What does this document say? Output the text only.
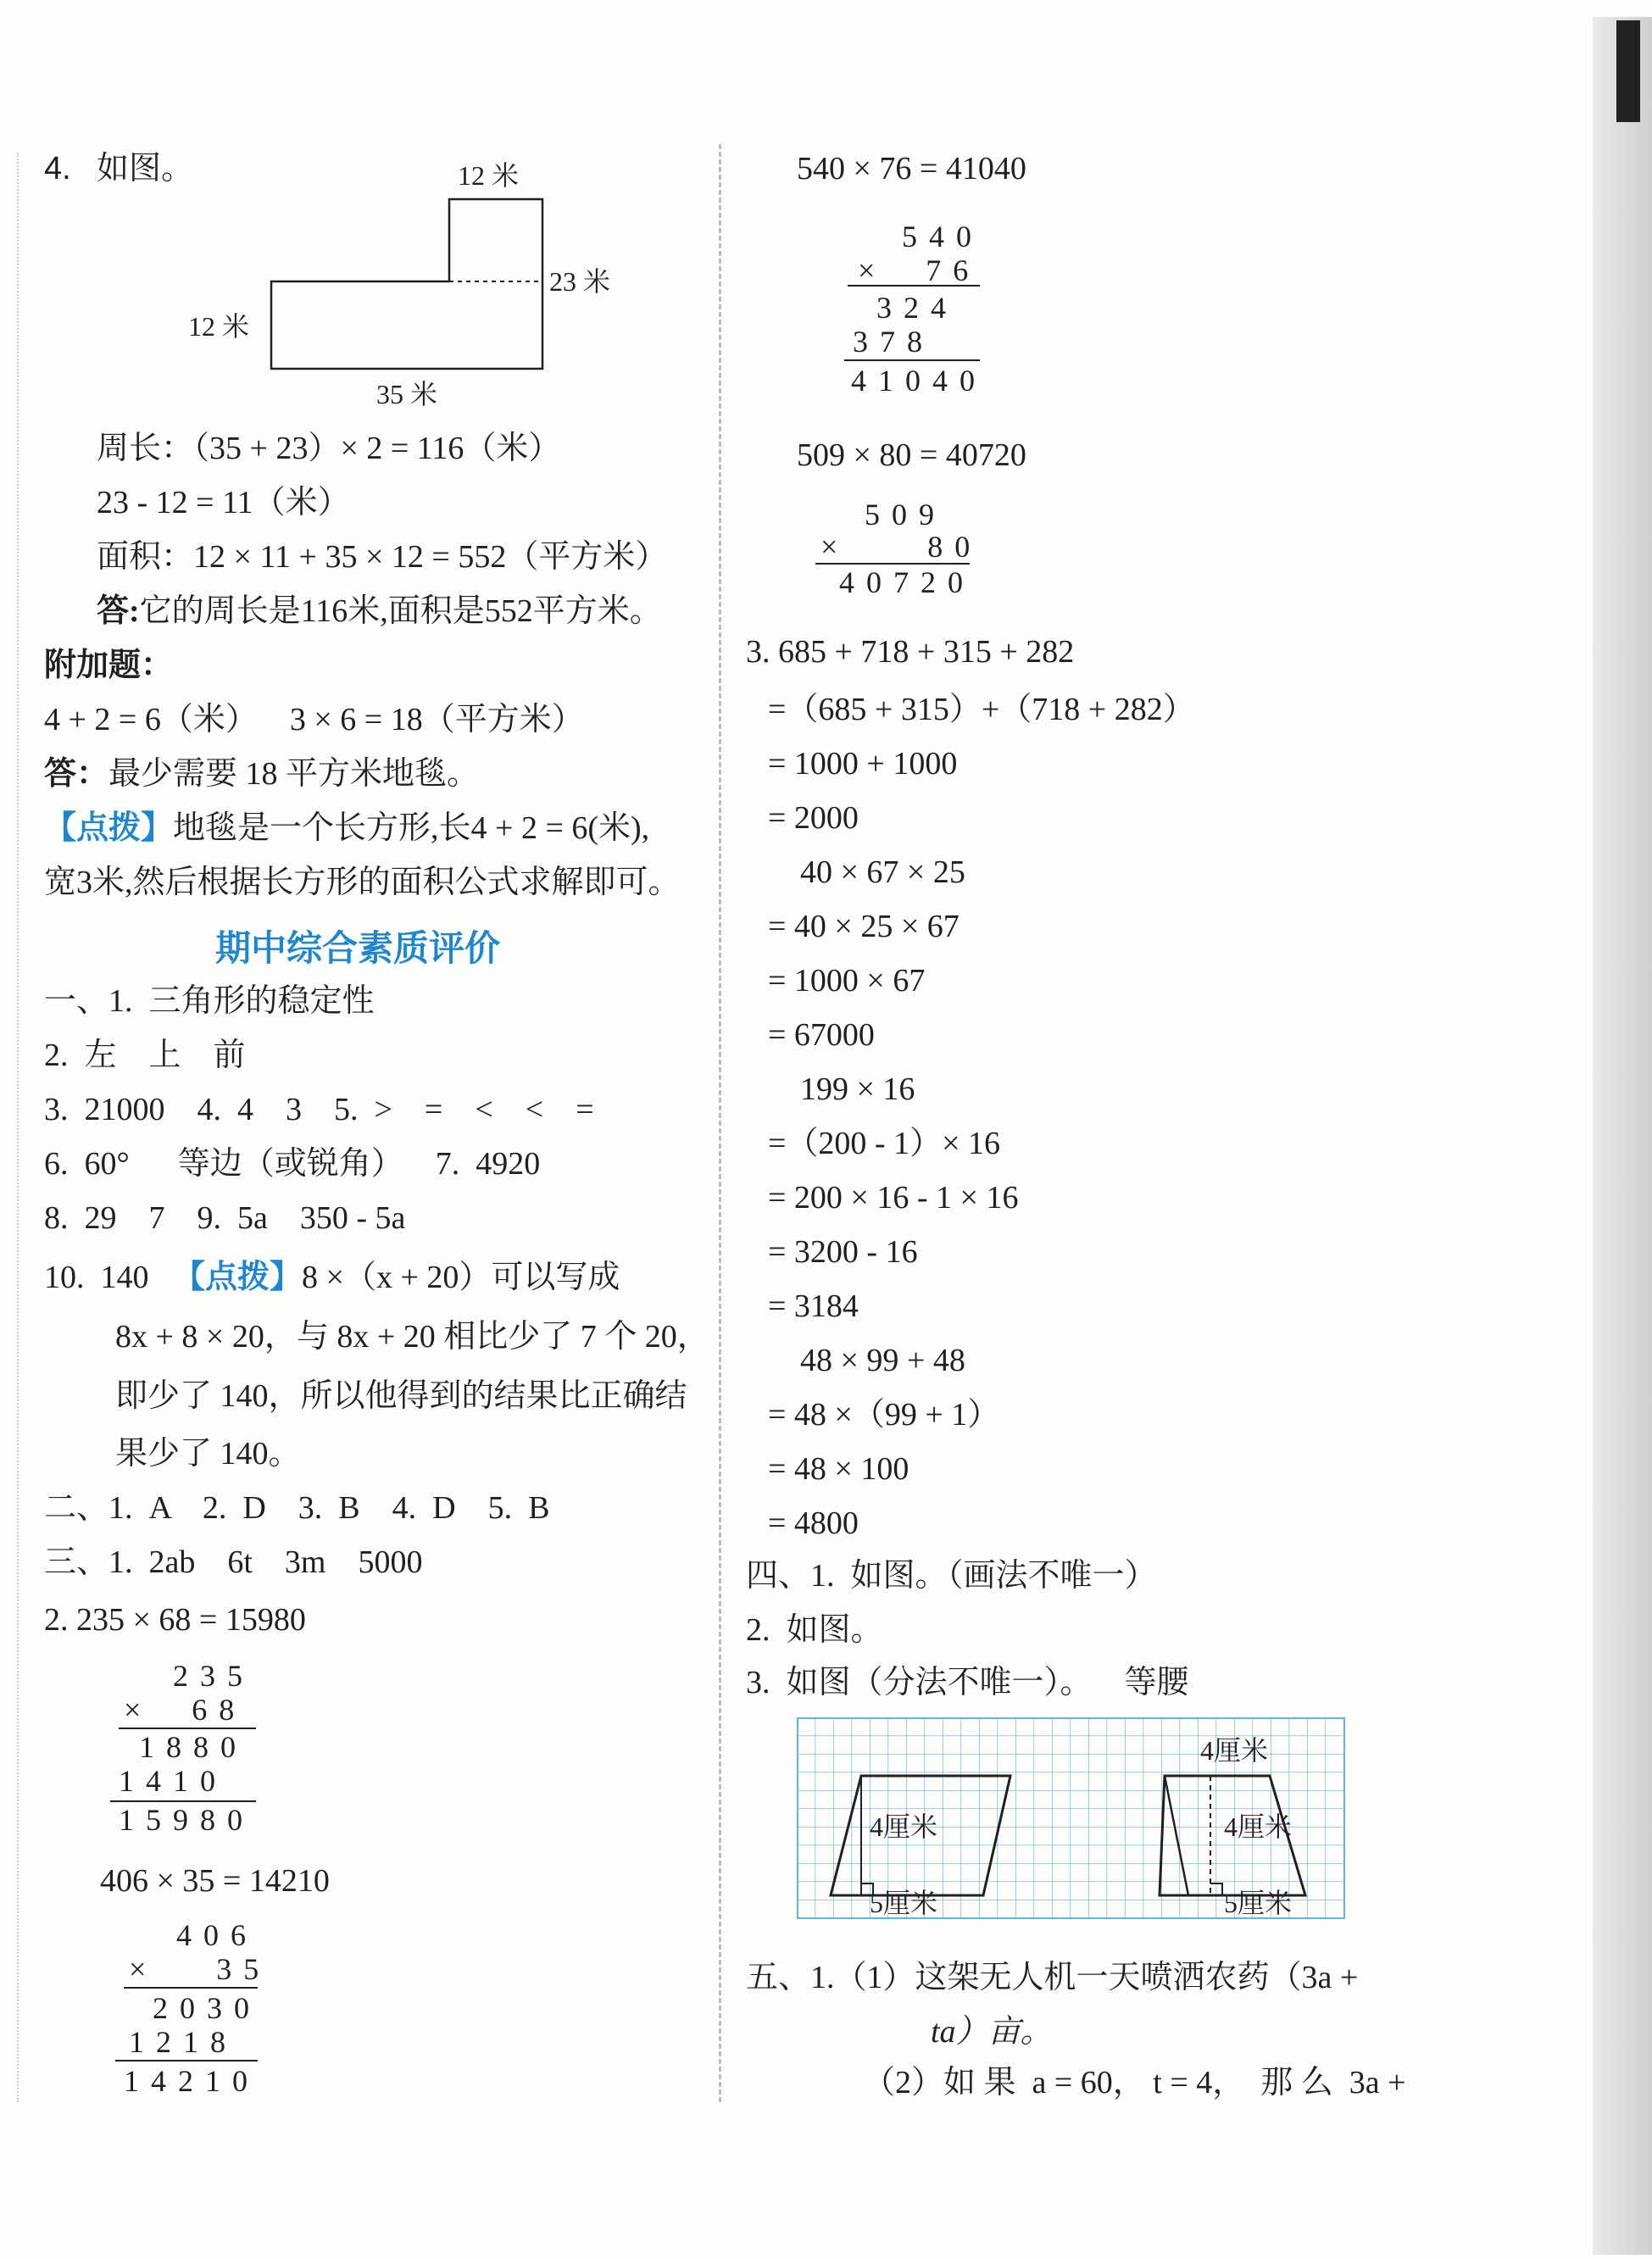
4. 如图。	12 米
23 米
12 米
35 米
周长：（35 + 23）× 2 = 116（米）
23 - 12 = 11（米）
面积：12 × 11 + 35 × 12 = 552（平方米）
答:它的周长是116米,面积是552平方米。
附加题：
4 + 2 = 6（米）    3 × 6 = 18（平方米）
答：最少需要 18 平方米地毯。
【点拨】地毯是一个长方形,长4 + 2 = 6(米),
宽3米,然后根据长方形的面积公式求解即可。
期中综合素质评价
一、1.  三角形的稳定性
2.  左    上    前
3.  21000    4.  4    3    5.  >    =    <    <    =
6.  60°      等边（或锐角）    7.  4920
8.  29    7    9.  5a    350 - 5a
10.  140 【点拨】8 ×（x + 20）可以写成
8x + 8 × 20，与 8x + 20 相比少了 7 个 20，
即少了 140，所以他得到的结果比正确结
果少了 140。
二、1.  A    2.  D    3.  B    4.  D    5.  B
三、1.  2ab    6t    3m    5000
2. 235 × 68 = 15980
235
×  68
1880
1410
15980
406 × 35 = 14210
406
×   35
2030
1218
14210
540 × 76 = 41040
540
×  76
324
378
41040
509 × 80 = 40720
509
×    80
40720
3. 685 + 718 + 315 + 282
=（685 + 315）+（718 + 282）
= 1000 + 1000
= 2000
40 × 67 × 25
= 40 × 25 × 67
= 1000 × 67
= 67000
199 × 16
=（200 - 1）× 16
= 200 × 16 - 1 × 16
= 3200 - 16
= 3184
48 × 99 + 48
= 48 ×（99 + 1）
= 48 × 100
= 4800
四、1.  如图。（画法不唯一）
2.  如图。
3.  如图（分法不唯一）。    等腰
4厘米
5厘米
4厘米
4厘米
5厘米
五、1.（1）这架无人机一天喷洒农药（3a +
ta）亩。
（2）如 果  a = 60， t = 4，  那 么  3a +
